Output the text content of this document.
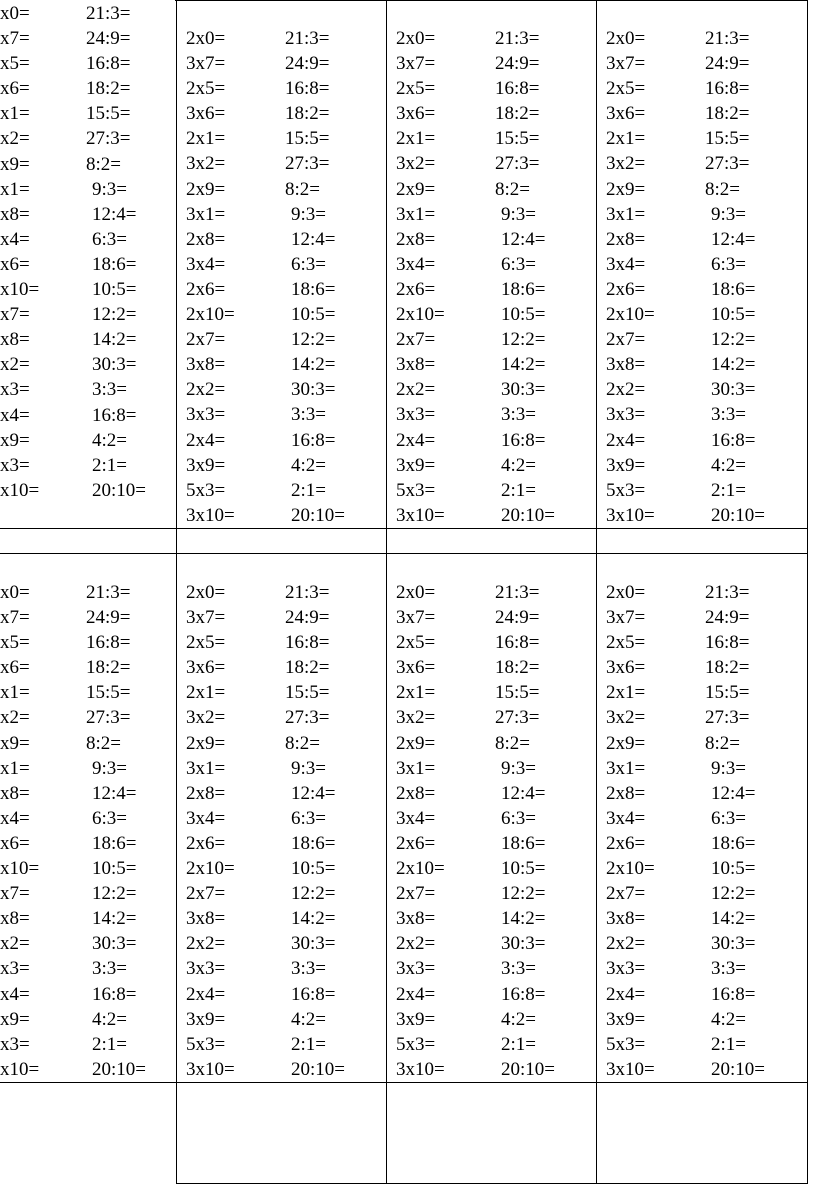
x0=	21:3=
x7=	24:9=
x5=	16:8=
x6=	18:2=
x1=	15:5=
x2=	27:3=
x9=	8:2=
x1=	9:3=
x8=	12:4=
x4=	6:3=
x6=	18:6=
x10=	10:5=
x7=	12:2=
x8=	14:2=
x2=	30:3=
x3=	3:3=
x4=	16:8=
x9=	4:2=
x3=	2:1=
x10=	20:10=
2x0=	21:3=
3x7=	24:9=
2x5=	16:8=
3x6=	18:2=
2x1=	15:5=
3x2=	27:3=
2x9=	8:2=
3x1=	9:3=
2x8=	12:4=
3x4=	6:3=
2x6=	18:6=
2x10=	10:5=
2x7=	12:2=
3x8=	14:2=
2x2=	30:3=
3x3=	3:3=
2x4=	16:8=
3x9=	4:2=
5x3=	2:1=
3x10=	20:10=
2x0=	21:3=
3x7=	24:9=
2x5=	16:8=
3x6=	18:2=
2x1=	15:5=
3x2=	27:3=
2x9=	8:2=
3x1=	9:3=
2x8=	12:4=
3x4=	6:3=
2x6=	18:6=
2x10=	10:5=
2x7=	12:2=
3x8=	14:2=
2x2=	30:3=
3x3=	3:3=
2x4=	16:8=
3x9=	4:2=
5x3=	2:1=
3x10=	20:10=
2x0=	21:3=
3x7=	24:9=
2x5=	16:8=
3x6=	18:2=
2x1=	15:5=
3x2=	27:3=
2x9=	8:2=
3x1=	9:3=
2x8=	12:4=
3x4=	6:3=
2x6=	18:6=
2x10=	10:5=
2x7=	12:2=
3x8=	14:2=
2x2=	30:3=
3x3=	3:3=
2x4=	16:8=
3x9=	4:2=
5x3=	2:1=
3x10=	20:10=
x0=	21:3=
x7=	24:9=
x5=	16:8=
x6=	18:2=
x1=	15:5=
x2=	27:3=
x9=	8:2=
x1=	9:3=
x8=	12:4=
x4=	6:3=
x6=	18:6=
x10=	10:5=
x7=	12:2=
x8=	14:2=
x2=	30:3=
x3=	3:3=
x4=	16:8=
x9=	4:2=
x3=	2:1=
x10=	20:10=
2x0=	21:3=
3x7=	24:9=
2x5=	16:8=
3x6=	18:2=
2x1=	15:5=
3x2=	27:3=
2x9=	8:2=
3x1=	9:3=
2x8=	12:4=
3x4=	6:3=
2x6=	18:6=
2x10=	10:5=
2x7=	12:2=
3x8=	14:2=
2x2=	30:3=
3x3=	3:3=
2x4=	16:8=
3x9=	4:2=
5x3=	2:1=
3x10=	20:10=
2x0=	21:3=
3x7=	24:9=
2x5=	16:8=
3x6=	18:2=
2x1=	15:5=
3x2=	27:3=
2x9=	8:2=
3x1=	9:3=
2x8=	12:4=
3x4=	6:3=
2x6=	18:6=
2x10=	10:5=
2x7=	12:2=
3x8=	14:2=
2x2=	30:3=
3x3=	3:3=
2x4=	16:8=
3x9=	4:2=
5x3=	2:1=
3x10=	20:10=
2x0=	21:3=
3x7=	24:9=
2x5=	16:8=
3x6=	18:2=
2x1=	15:5=
3x2=	27:3=
2x9=	8:2=
3x1=	9:3=
2x8=	12:4=
3x4=	6:3=
2x6=	18:6=
2x10=	10:5=
2x7=	12:2=
3x8=	14:2=
2x2=	30:3=
3x3=	3:3=
2x4=	16:8=
3x9=	4:2=
5x3=	2:1=
3x10=	20:10=
